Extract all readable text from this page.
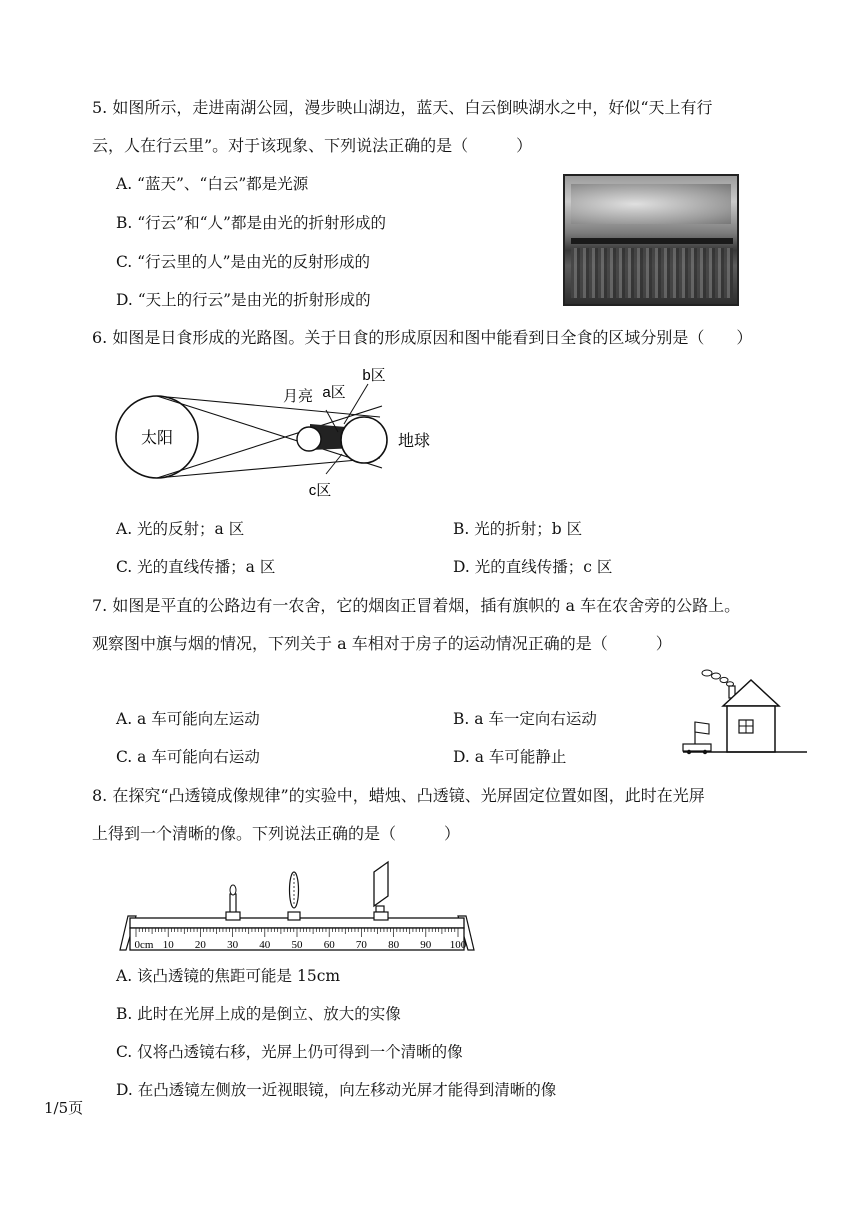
5. 如图所示，走进南湖公园，漫步映山湖边，蓝天、白云倒映湖水之中，好似“天上有行
云，人在行云里”。对于该现象、下列说法正确的是（　　　）
A. “蓝天”、“白云”都是光源
B. “行云”和“人”都是由光的折射形成的
C. “行云里的人”是由光的反射形成的
D. “天上的行云”是由光的折射形成的
6. 如图是日食形成的光路图。关于日食的形成原因和图中能看到日全食的区域分别是（　　）
太阳
月亮 a区
b区
c区
地球
A. 光的反射；a 区	B. 光的折射；b 区
C. 光的直线传播；a 区	D. 光的直线传播；c 区
7. 如图是平直的公路边有一农舍，它的烟囱正冒着烟，插有旗帜的 a 车在农舍旁的公路上。
观察图中旗与烟的情况，下列关于 a 车相对于房子的运动情况正确的是（　　　）
A. a 车可能向左运动	B. a 车一定向右运动
C. a 车可能向右运动	D. a 车可能静止
8. 在探究“凸透镜成像规律”的实验中，蜡烛、凸透镜、光屏固定位置如图，此时在光屏
上得到一个清晰的像。下列说法正确的是（　　　）
0cm 10 20 30 40 50 60 70 80 90 100
A. 该凸透镜的焦距可能是 15cm
B. 此时在光屏上成的是倒立、放大的实像
C. 仅将凸透镜右移，光屏上仍可得到一个清晰的像
D. 在凸透镜左侧放一近视眼镜，向左移动光屏才能得到清晰的像
1/5页
